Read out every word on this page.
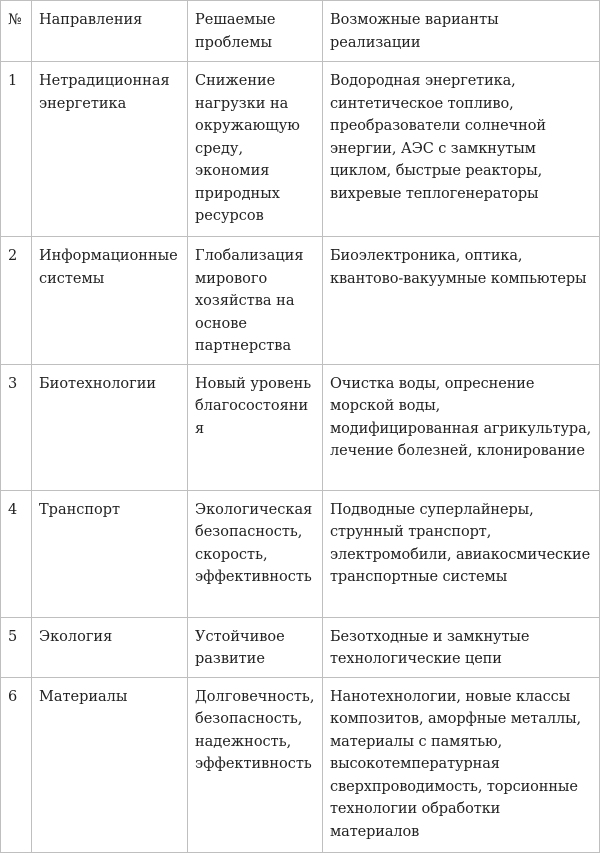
№	Направления	Решаемые проблемы	Возможные варианты реализации
1	Нетрадиционная энергетика	Снижение нагрузки на окружающую среду, экономия природных ресурсов	Водородная энергетика, синтетическое топливо, преобразователи солнечной энергии, АЭС с замкнутым циклом, быстрые реакторы, вихревые теплогенераторы
2	Информационные системы	Глобализация мирового хозяйства на основе партнерства	Биоэлектроника, оптика, квантово-вакуумные компьютеры
3	Биотехнологии	Новый уровень благосостояния	Очистка воды, опреснение морской воды, модифицированная агрикультура, лечение болезней, клонирование
4	Транспорт	Экологическая безопасность, скорость, эффективность	Подводные суперлайнеры, струнный транспорт, электромобили, авиакосмические транспортные системы
5	Экология	Устойчивое развитие	Безотходные и замкнутые технологические цепи
6	Материалы	Долговечность, безопасность, надежность, эффективность	Нанотехнологии, новые классы композитов, аморфные металлы, материалы с памятью, высокотемпературная сверхпроводимость, торсионные технологии обработки материалов
